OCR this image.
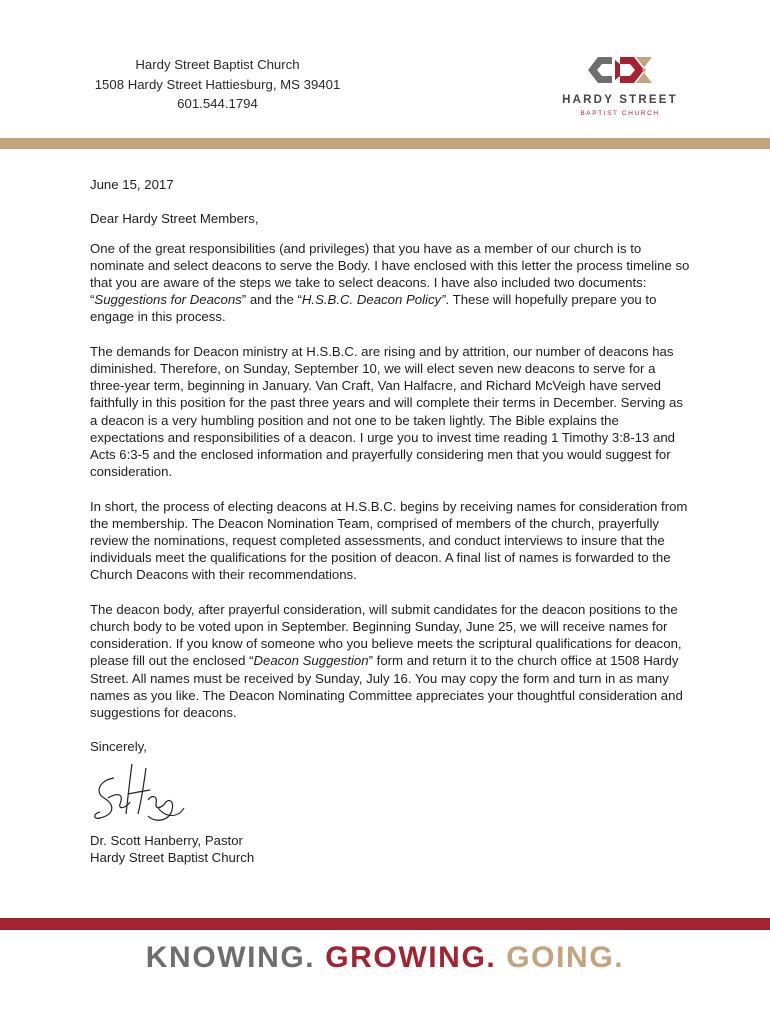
Hardy Street Baptist Church
1508 Hardy Street Hattiesburg, MS 39401
601.544.1794	HARDY STREET
BAPTIST CHURCH

June 15, 2017

Dear Hardy Street Members,

One of the great responsibilities (and privileges) that you have as a member of our church is to nominate and select deacons to serve the Body. I have enclosed with this letter the process timeline so that you are aware of the steps we take to select deacons. I have also included two documents: “Suggestions for Deacons” and the “H.S.B.C. Deacon Policy”. These will hopefully prepare you to engage in this process.

The demands for Deacon ministry at H.S.B.C. are rising and by attrition, our number of deacons has diminished. Therefore, on Sunday, September 10, we will elect seven new deacons to serve for a three-year term, beginning in January. Van Craft, Van Halfacre, and Richard McVeigh have served faithfully in this position for the past three years and will complete their terms in December. Serving as a deacon is a very humbling position and not one to be taken lightly. The Bible explains the expectations and responsibilities of a deacon. I urge you to invest time reading 1 Timothy 3:8-13 and Acts 6:3-5 and the enclosed information and prayerfully considering men that you would suggest for consideration.

In short, the process of electing deacons at H.S.B.C. begins by receiving names for consideration from the membership. The Deacon Nomination Team, comprised of members of the church, prayerfully review the nominations, request completed assessments, and conduct interviews to insure that the individuals meet the qualifications for the position of deacon. A final list of names is forwarded to the Church Deacons with their recommendations.

The deacon body, after prayerful consideration, will submit candidates for the deacon positions to the church body to be voted upon in September. Beginning Sunday, June 25, we will receive names for consideration. If you know of someone who you believe meets the scriptural qualifications for deacon, please fill out the enclosed “Deacon Suggestion” form and return it to the church office at 1508 Hardy Street. All names must be received by Sunday, July 16. You may copy the form and turn in as many names as you like. The Deacon Nominating Committee appreciates your thoughtful consideration and suggestions for deacons.

Sincerely,
Dr. Scott Hanberry, Pastor
Hardy Street Baptist Church
KNOWING. GROWING. GOING.
